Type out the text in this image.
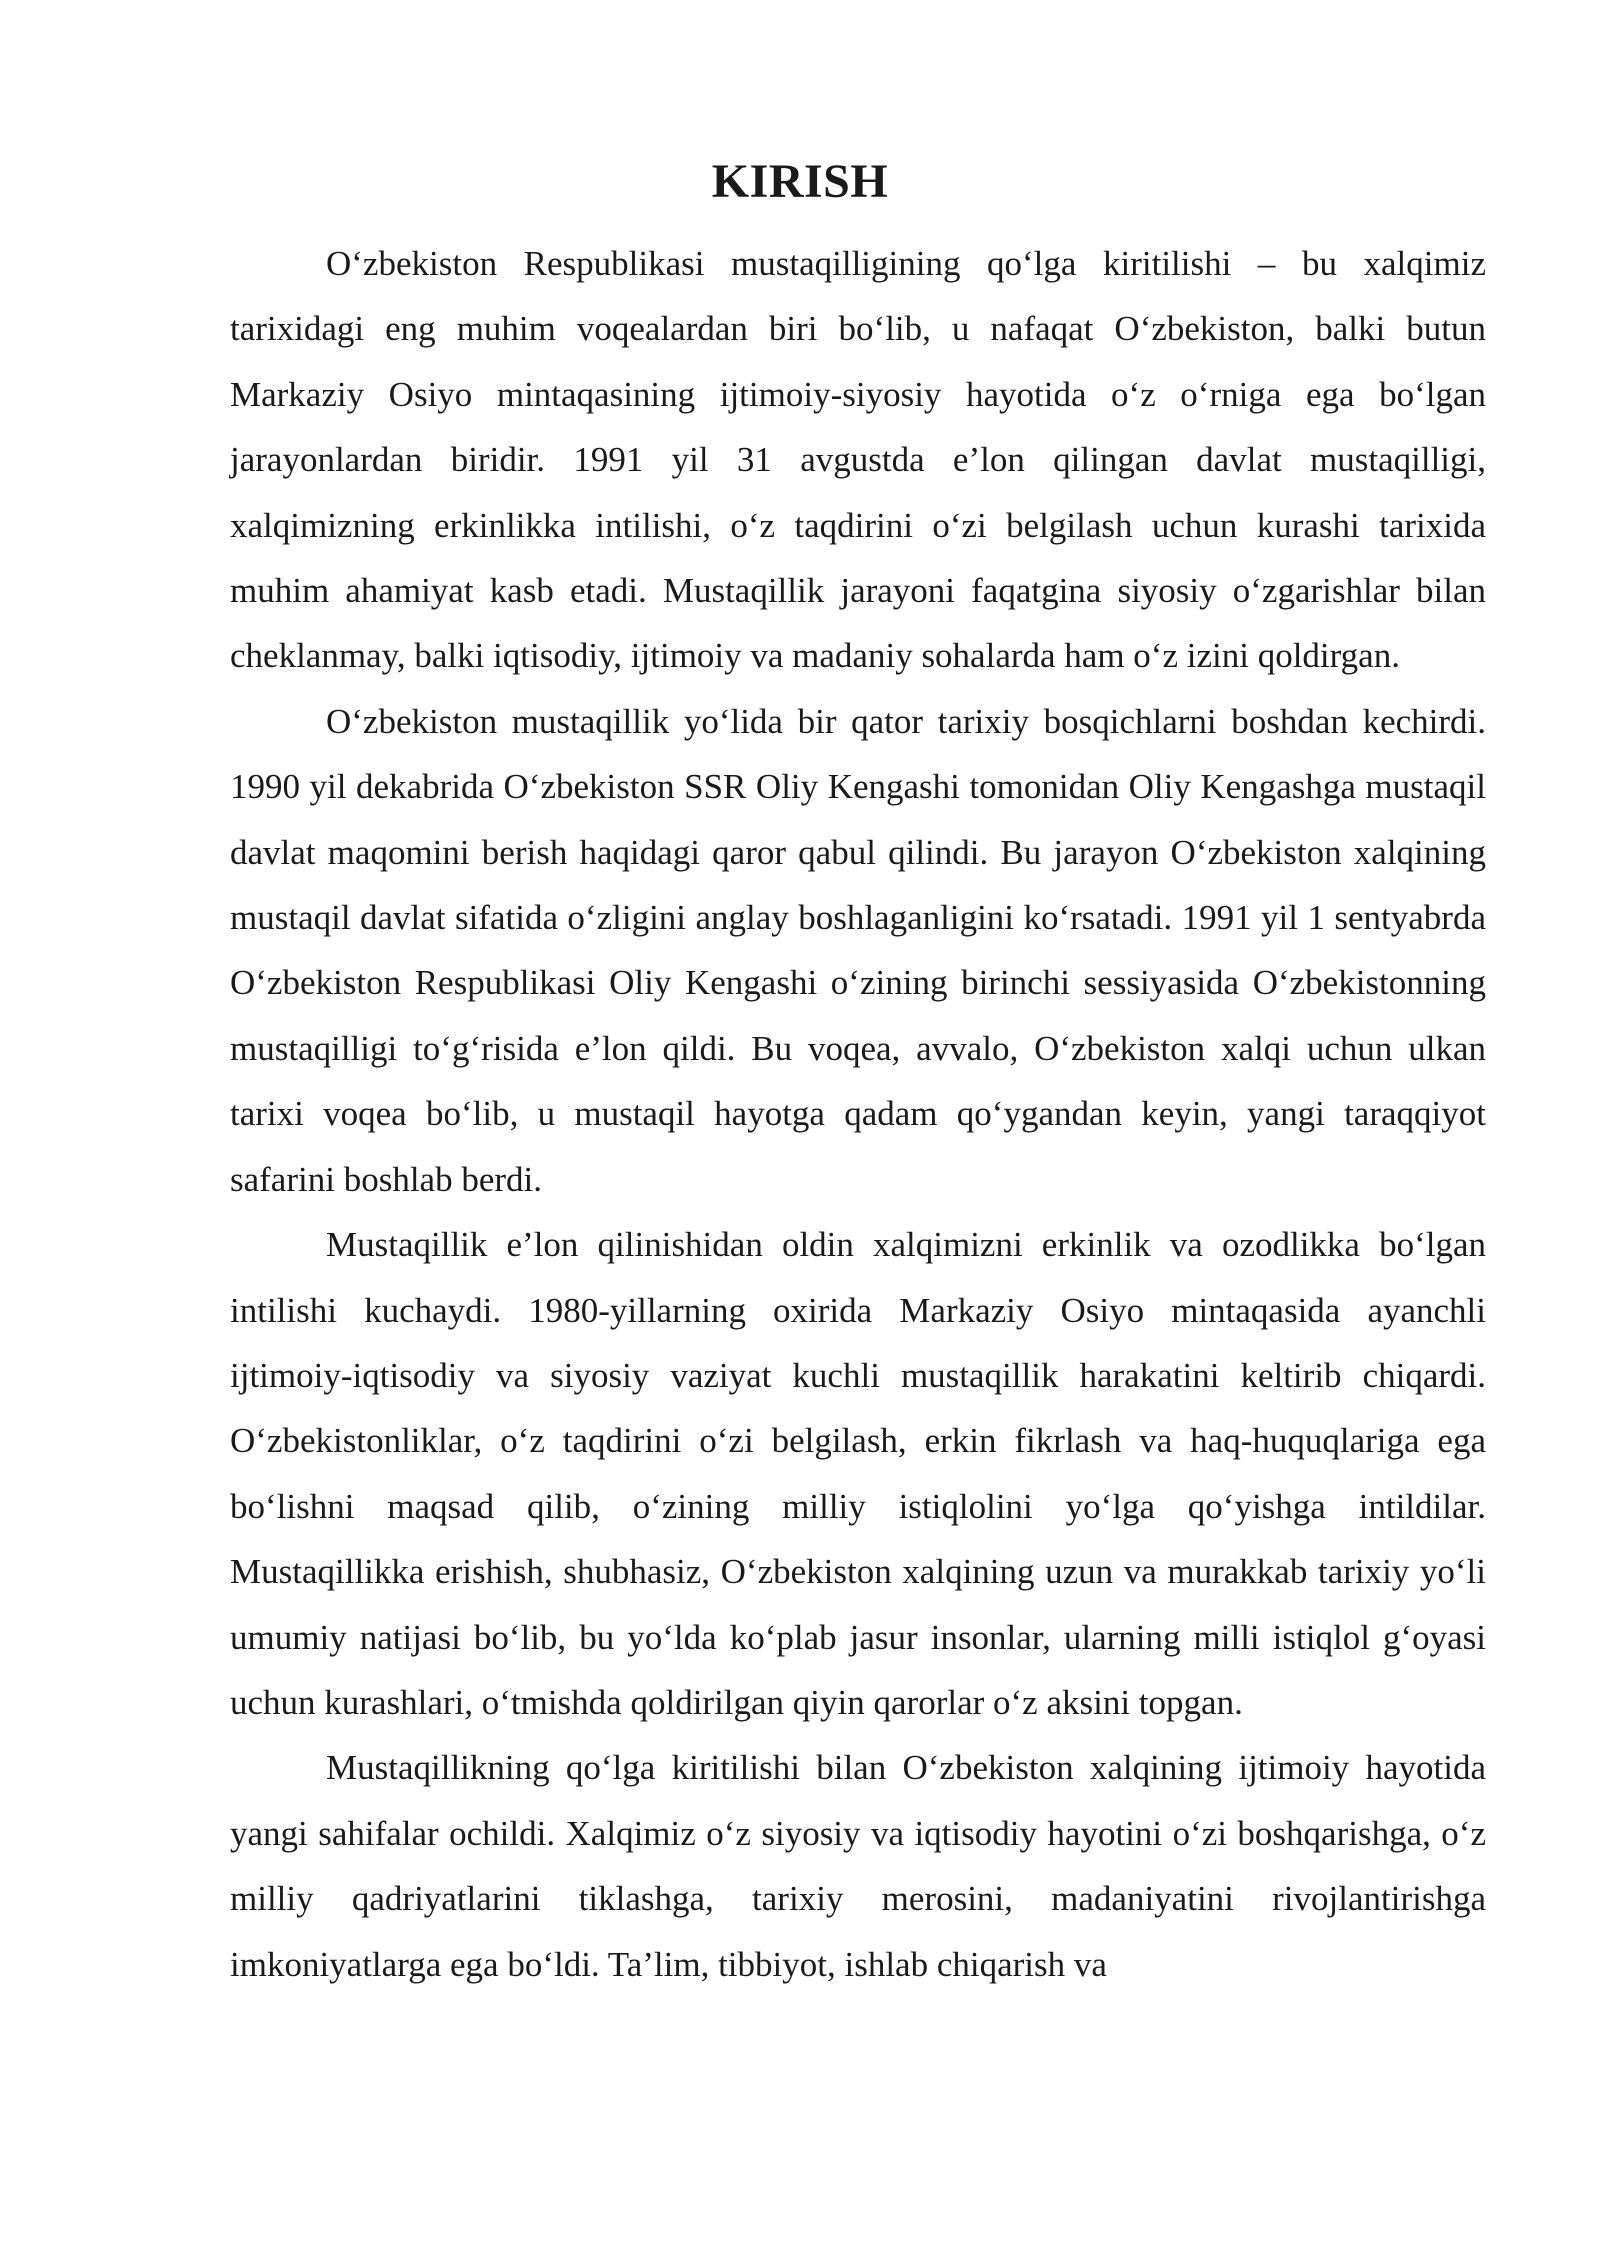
KIRISH

O‘zbekiston Respublikasi mustaqilligining qo‘lga kiritilishi – bu xalqimiz tarixidagi eng muhim voqealardan biri bo‘lib, u nafaqat O‘zbekiston, balki butun Markaziy Osiyo mintaqasining ijtimoiy-siyosiy hayotida o‘z o‘rniga ega bo‘lgan jarayonlardan biridir. 1991 yil 31 avgustda e’lon qilingan davlat mustaqilligi, xalqimizning erkinlikka intilishi, o‘z taqdirini o‘zi belgilash uchun kurashi tarixida muhim ahamiyat kasb etadi. Mustaqillik jarayoni faqatgina siyosiy o‘zgarishlar bilan cheklanmay, balki iqtisodiy, ijtimoiy va madaniy sohalarda ham o‘z izini qoldirgan.

O‘zbekiston mustaqillik yo‘lida bir qator tarixiy bosqichlarni boshdan kechirdi. 1990 yil dekabrida O‘zbekiston SSR Oliy Kengashi tomonidan Oliy Kengashga mustaqil davlat maqomini berish haqidagi qaror qabul qilindi. Bu jarayon O‘zbekiston xalqining mustaqil davlat sifatida o‘zligini anglay boshlaganligini ko‘rsatadi. 1991 yil 1 sentyabrda O‘zbekiston Respublikasi Oliy Kengashi o‘zining birinchi sessiyasida O‘zbekistonning mustaqilligi to‘g‘risida e’lon qildi. Bu voqea, avvalo, O‘zbekiston xalqi uchun ulkan tarixi voqea bo‘lib, u mustaqil hayotga qadam qo‘ygandan keyin, yangi taraqqiyot safarini boshlab berdi.

Mustaqillik e’lon qilinishidan oldin xalqimizni erkinlik va ozodlikka bo‘lgan intilishi kuchaydi. 1980-yillarning oxirida Markaziy Osiyo mintaqasida ayanchli ijtimoiy-iqtisodiy va siyosiy vaziyat kuchli mustaqillik harakatini keltirib chiqardi. O‘zbekistonliklar, o‘z taqdirini o‘zi belgilash, erkin fikrlash va haq-huquqlariga ega bo‘lishni maqsad qilib, o‘zining milliy istiqlolini yo‘lga qo‘yishga intildilar. Mustaqillikka erishish, shubhasiz, O‘zbekiston xalqining uzun va murakkab tarixiy yo‘li umumiy natijasi bo‘lib, bu yo‘lda ko‘plab jasur insonlar, ularning milli istiqlol g‘oyasi uchun kurashlari, o‘tmishda qoldirilgan qiyin qarorlar o‘z aksini topgan.

Mustaqillikning qo‘lga kiritilishi bilan O‘zbekiston xalqining ijtimoiy hayotida yangi sahifalar ochildi. Xalqimiz o‘z siyosiy va iqtisodiy hayotini o‘zi boshqarishga, o‘z milliy qadriyatlarini tiklashga, tarixiy merosini, madaniyatini rivojlantirishga imkoniyatlarga ega bo‘ldi. Ta’lim, tibbiyot, ishlab chiqarish va
